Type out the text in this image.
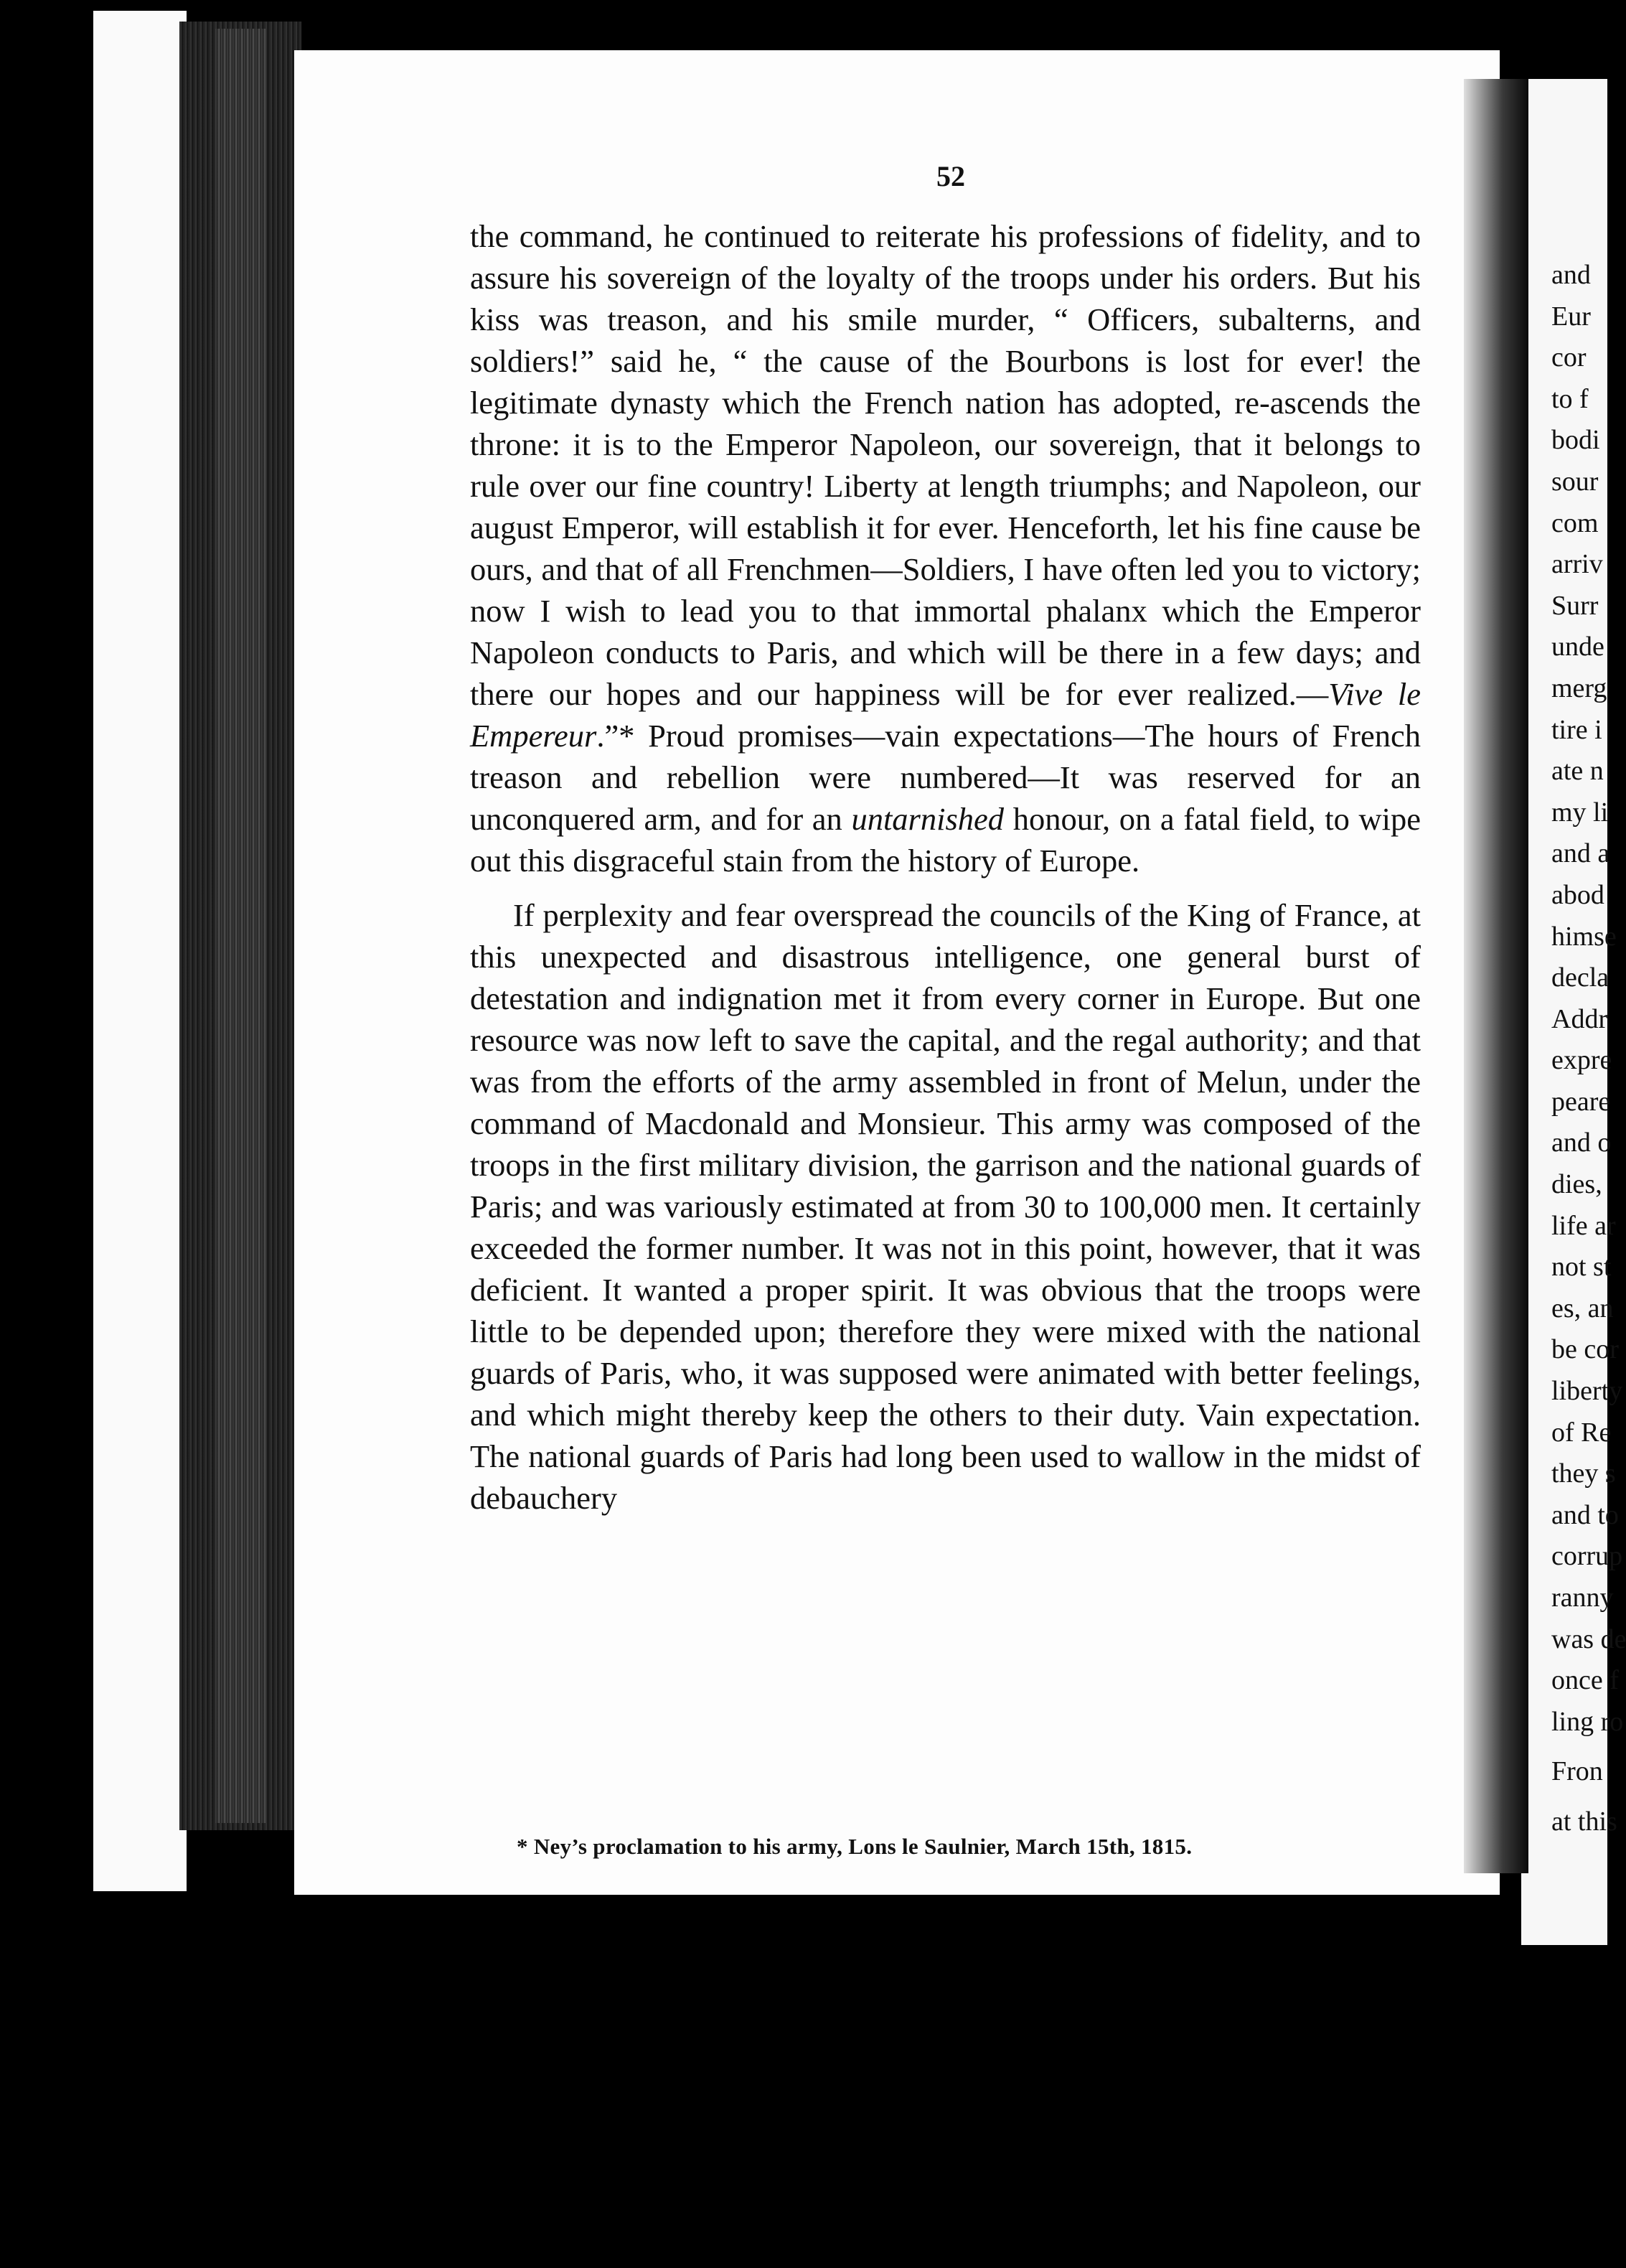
52

the command, he continued to reiterate his professions of fidelity, and to assure his sovereign of the loyalty of the troops under his orders. But his kiss was treason, and his smile murder, “ Officers, subalterns, and soldiers!” said he, “ the cause of the Bourbons is lost for ever! the legitimate dynasty which the French nation has adopted, re-ascends the throne: it is to the Emperor Napoleon, our sovereign, that it belongs to rule over our fine country! Liberty at length triumphs; and Napoleon, our august Emperor, will establish it for ever. Henceforth, let his fine cause be ours, and that of all Frenchmen—Soldiers, I have often led you to victory; now I wish to lead you to that immortal phalanx which the Emperor Napoleon conducts to Paris, and which will be there in a few days; and there our hopes and our happiness will be for ever realized.—Vive le Empereur.”* Proud promises—vain expectations—The hours of French treason and rebellion were numbered—It was reserved for an unconquered arm, and for an untarnished honour, on a fatal field, to wipe out this disgraceful stain from the history of Europe.

If perplexity and fear overspread the councils of the King of France, at this unexpected and disastrous intelligence, one general burst of detestation and indignation met it from every corner in Europe. But one resource was now left to save the capital, and the regal authority; and that was from the efforts of the army assembled in front of Melun, under the command of Macdonald and Monsieur. This army was composed of the troops in the first military division, the garrison and the national guards of Paris; and was variously estimated at from 30 to 100,000 men. It certainly exceeded the former number. It was not in this point, however, that it was deficient. It wanted a proper spirit. It was obvious that the troops were little to be depended upon; therefore they were mixed with the national guards of Paris, who, it was supposed were animated with better feelings, and which might thereby keep the others to their duty. Vain expectation. The national guards of Paris had long been used to wallow in the midst of debauchery

* Ney’s proclamation to his army, Lons le Saulnier, March 15th, 1815.
and
Eur
cor
to f
bodi
sour
com
arriv
Surr
unde
merg
tire i
ate n
my li
and a
abod
himse
decla
Addr
expre
peare
and o
dies,
life ar
not st
es, an
be cor
liberty
of Re
they s
and to
corrup
ranny
was de
once f
ling ro
Fron
at this
